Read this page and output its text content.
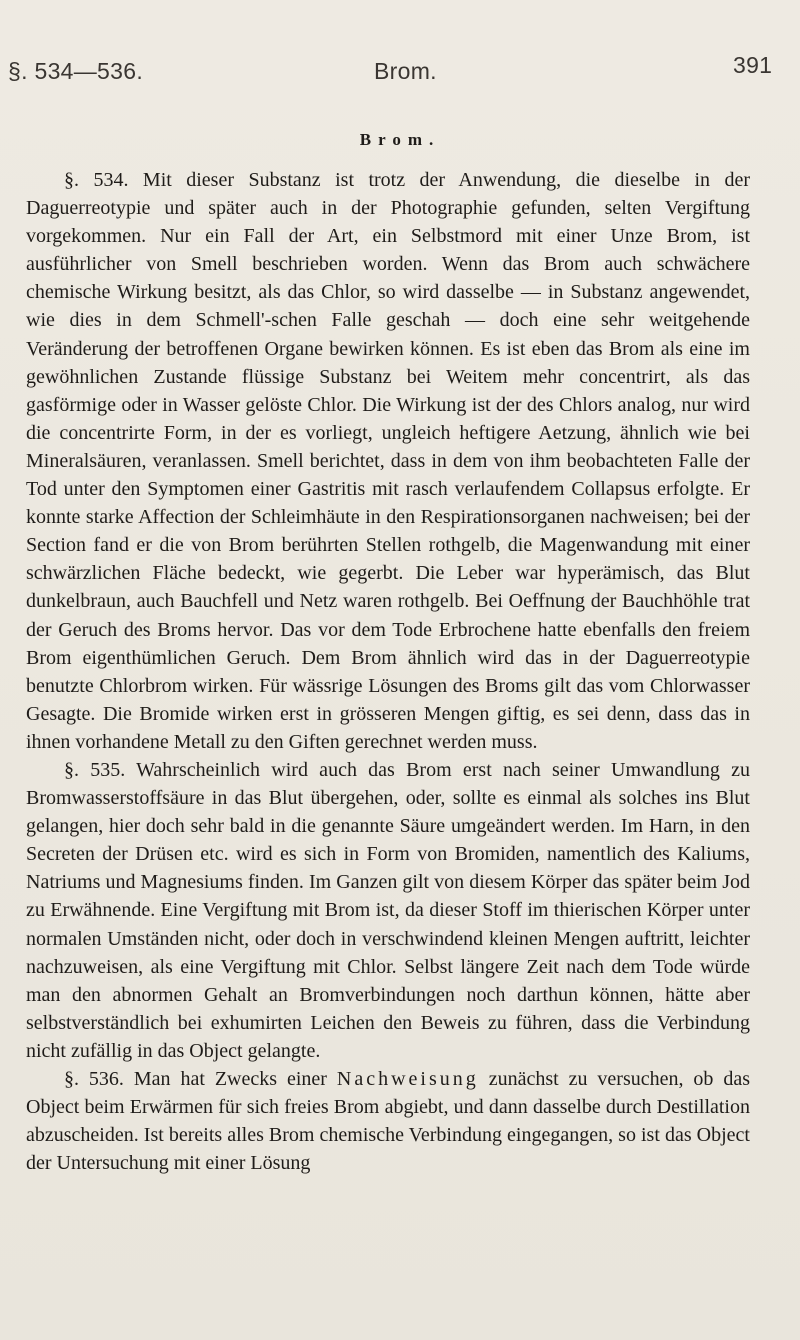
§. 534—536.	Brom.	391
Brom.

§. 534. Mit dieser Substanz ist trotz der Anwendung, die dieselbe in der Daguerreotypie und später auch in der Photographie gefunden, selten Vergiftung vorgekommen. Nur ein Fall der Art, ein Selbstmord mit einer Unze Brom, ist ausführlicher von Smell beschrieben worden. Wenn das Brom auch schwächere chemische Wirkung besitzt, als das Chlor, so wird dasselbe — in Substanz angewendet, wie dies in dem Schmell'-schen Falle geschah — doch eine sehr weitgehende Veränderung der betroffenen Organe bewirken können. Es ist eben das Brom als eine im gewöhnlichen Zustande flüssige Substanz bei Weitem mehr concentrirt, als das gasförmige oder in Wasser gelöste Chlor. Die Wirkung ist der des Chlors analog, nur wird die concentrirte Form, in der es vorliegt, ungleich heftigere Aetzung, ähnlich wie bei Mineralsäuren, veranlassen. Smell berichtet, dass in dem von ihm beobachteten Falle der Tod unter den Symptomen einer Gastritis mit rasch verlaufendem Collapsus erfolgte. Er konnte starke Affection der Schleimhäute in den Respirationsorganen nachweisen; bei der Section fand er die von Brom berührten Stellen rothgelb, die Magenwandung mit einer schwärzlichen Fläche bedeckt, wie gegerbt. Die Leber war hyperämisch, das Blut dunkelbraun, auch Bauchfell und Netz waren rothgelb. Bei Oeffnung der Bauchhöhle trat der Geruch des Broms hervor. Das vor dem Tode Erbrochene hatte ebenfalls den freiem Brom eigenthümlichen Geruch. Dem Brom ähnlich wird das in der Daguerreotypie benutzte Chlorbrom wirken. Für wässrige Lösungen des Broms gilt das vom Chlorwasser Gesagte. Die Bromide wirken erst in grösseren Mengen giftig, es sei denn, dass das in ihnen vorhandene Metall zu den Giften gerechnet werden muss.

§. 535. Wahrscheinlich wird auch das Brom erst nach seiner Umwandlung zu Bromwasserstoffsäure in das Blut übergehen, oder, sollte es einmal als solches ins Blut gelangen, hier doch sehr bald in die genannte Säure umgeändert werden. Im Harn, in den Secreten der Drüsen etc. wird es sich in Form von Bromiden, namentlich des Kaliums, Natriums und Magnesiums finden. Im Ganzen gilt von diesem Körper das später beim Jod zu Erwähnende. Eine Vergiftung mit Brom ist, da dieser Stoff im thierischen Körper unter normalen Umständen nicht, oder doch in verschwindend kleinen Mengen auftritt, leichter nachzuweisen, als eine Vergiftung mit Chlor. Selbst längere Zeit nach dem Tode würde man den abnormen Gehalt an Bromverbindungen noch darthun können, hätte aber selbstverständlich bei exhumirten Leichen den Beweis zu führen, dass die Verbindung nicht zufällig in das Object gelangte.

§. 536. Man hat Zwecks einer Nachweisung zunächst zu versuchen, ob das Object beim Erwärmen für sich freies Brom abgiebt, und dann dasselbe durch Destillation abzuscheiden. Ist bereits alles Brom chemische Verbindung eingegangen, so ist das Object der Untersuchung mit einer Lösung
